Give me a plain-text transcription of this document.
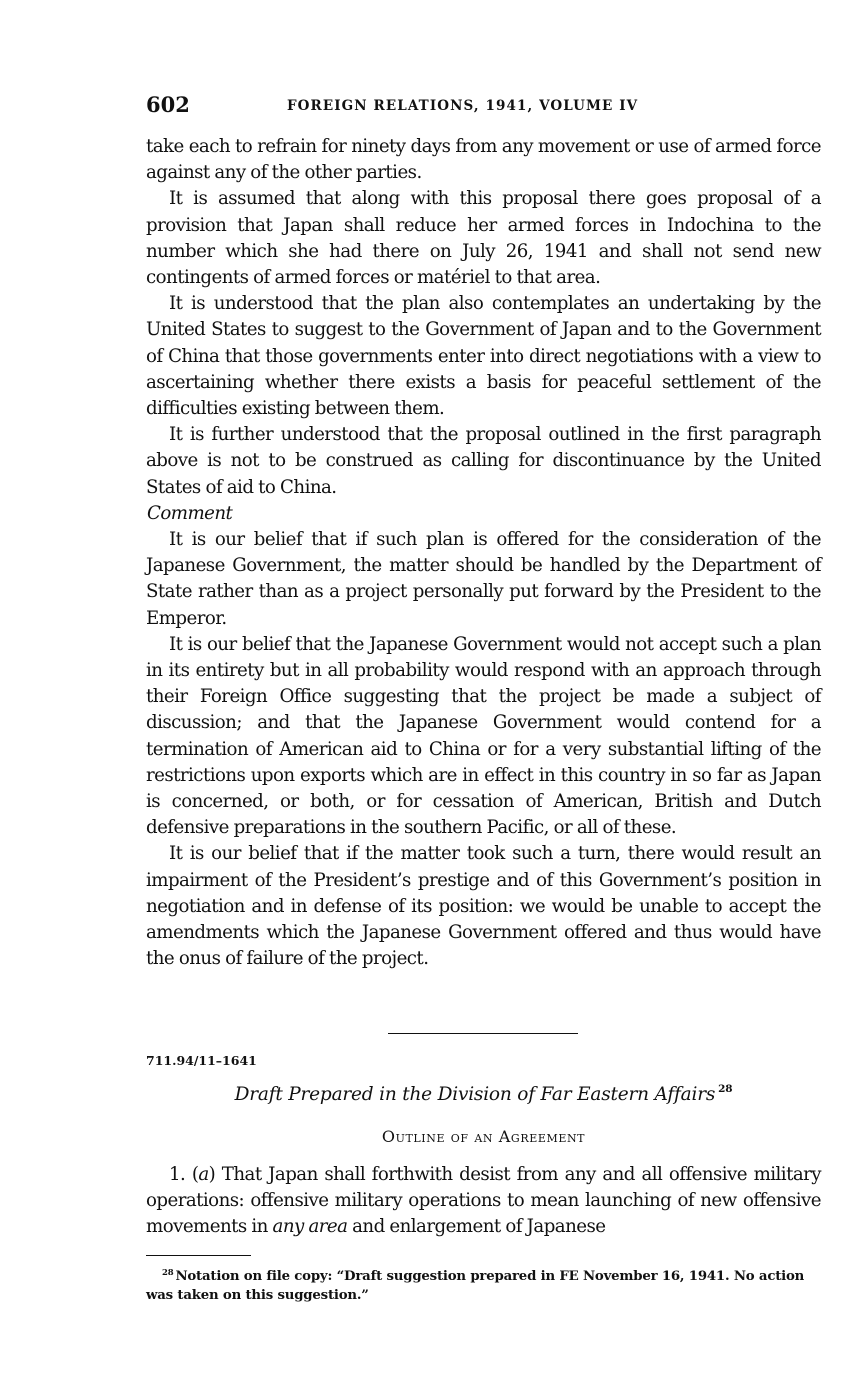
602	FOREIGN RELATIONS, 1941, VOLUME IV

take each to refrain for ninety days from any movement or use of armed force against any of the other parties.

It is assumed that along with this proposal there goes proposal of a provision that Japan shall reduce her armed forces in Indochina to the number which she had there on July 26, 1941 and shall not send new contingents of armed forces or matériel to that area.

It is understood that the plan also contemplates an undertaking by the United States to suggest to the Government of Japan and to the Government of China that those governments enter into direct negotiations with a view to ascertaining whether there exists a basis for peaceful settlement of the difficulties existing between them.

It is further understood that the proposal outlined in the first paragraph above is not to be construed as calling for discontinuance by the United States of aid to China.

Comment

It is our belief that if such plan is offered for the consideration of the Japanese Government, the matter should be handled by the Department of State rather than as a project personally put forward by the President to the Emperor.

It is our belief that the Japanese Government would not accept such a plan in its entirety but in all probability would respond with an approach through their Foreign Office suggesting that the project be made a subject of discussion; and that the Japanese Government would contend for a termination of American aid to China or for a very substantial lifting of the restrictions upon exports which are in effect in this country in so far as Japan is concerned, or both, or for cessation of American, British and Dutch defensive preparations in the southern Pacific, or all of these.

It is our belief that if the matter took such a turn, there would result an impairment of the President’s prestige and of this Government’s position in negotiation and in defense of its position: we would be unable to accept the amendments which the Japanese Government offered and thus would have the onus of failure of the project.

711.94/11–1641
Draft Prepared in the Division of Far Eastern Affairs $^{28}$
Outline of an Agreement

1. (a) That Japan shall forthwith desist from any and all offensive military operations: offensive military operations to mean launching of new offensive movements in any area and enlargement of Japanese

$^{28}$ Notation on file copy: “Draft suggestion prepared in FE November 16, 1941. No action was taken on this suggestion.”
